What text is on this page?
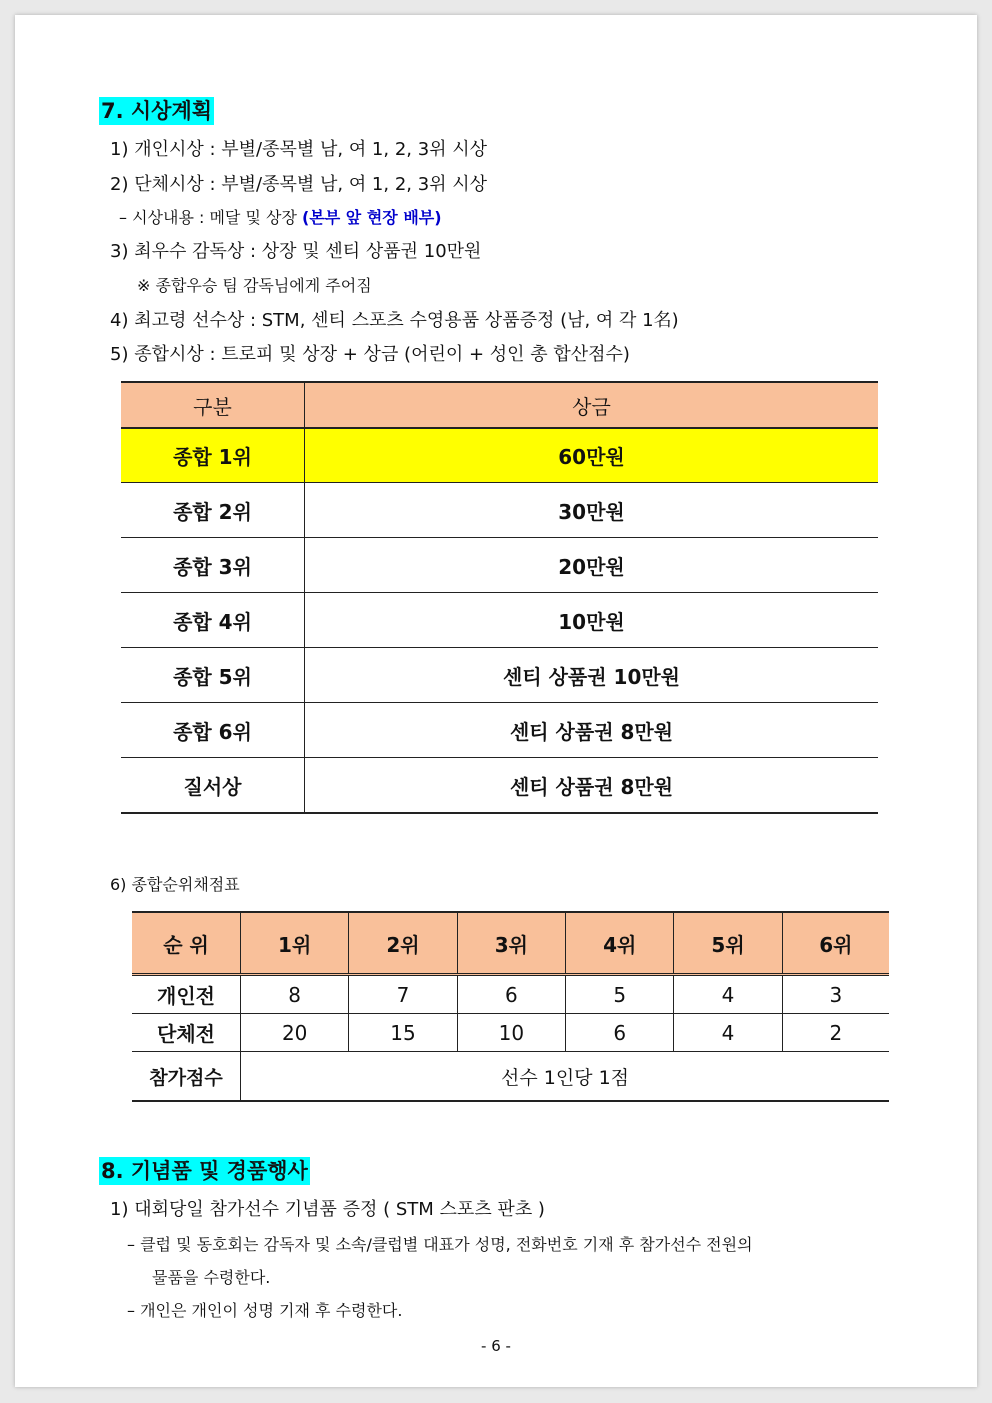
7. 시상계획
1) 개인시상 : 부별/종목별 남, 여 1, 2, 3위 시상
2) 단체시상 : 부별/종목별 남, 여 1, 2, 3위 시상
– 시상내용 : 메달 및 상장 (본부 앞 현장 배부)
3) 최우수 감독상 : 상장 및 센티 상품권 10만원
※ 종합우승 팀 감독님에게 주어짐
4) 최고령 선수상 : STM, 센티 스포츠 수영용품 상품증정 (남, 여 각 1名)
5) 종합시상 : 트로피 및 상장 + 상금 (어린이 + 성인 총 합산점수)
구분	상금
종합 1위	60만원
종합 2위	30만원
종합 3위	20만원
종합 4위	10만원
종합 5위	센티 상품권 10만원
종합 6위	센티 상품권 8만원
질서상	센티 상품권 8만원
6) 종합순위채점표
순 위	1위	2위	3위	4위	5위	6위
개인전	8	7	6	5	4	3
단체전	20	15	10	6	4	2
참가점수	선수 1인당 1점					
8. 기념품 및 경품행사
1) 대회당일 참가선수 기념품 증정 ( STM 스포츠 판초 )
– 클럽 및 동호회는 감독자 및 소속/클럽별 대표가 성명, 전화번호 기재 후 참가선수 전원의
물품을 수령한다.
– 개인은 개인이 성명 기재 후 수령한다.
- 6 -
